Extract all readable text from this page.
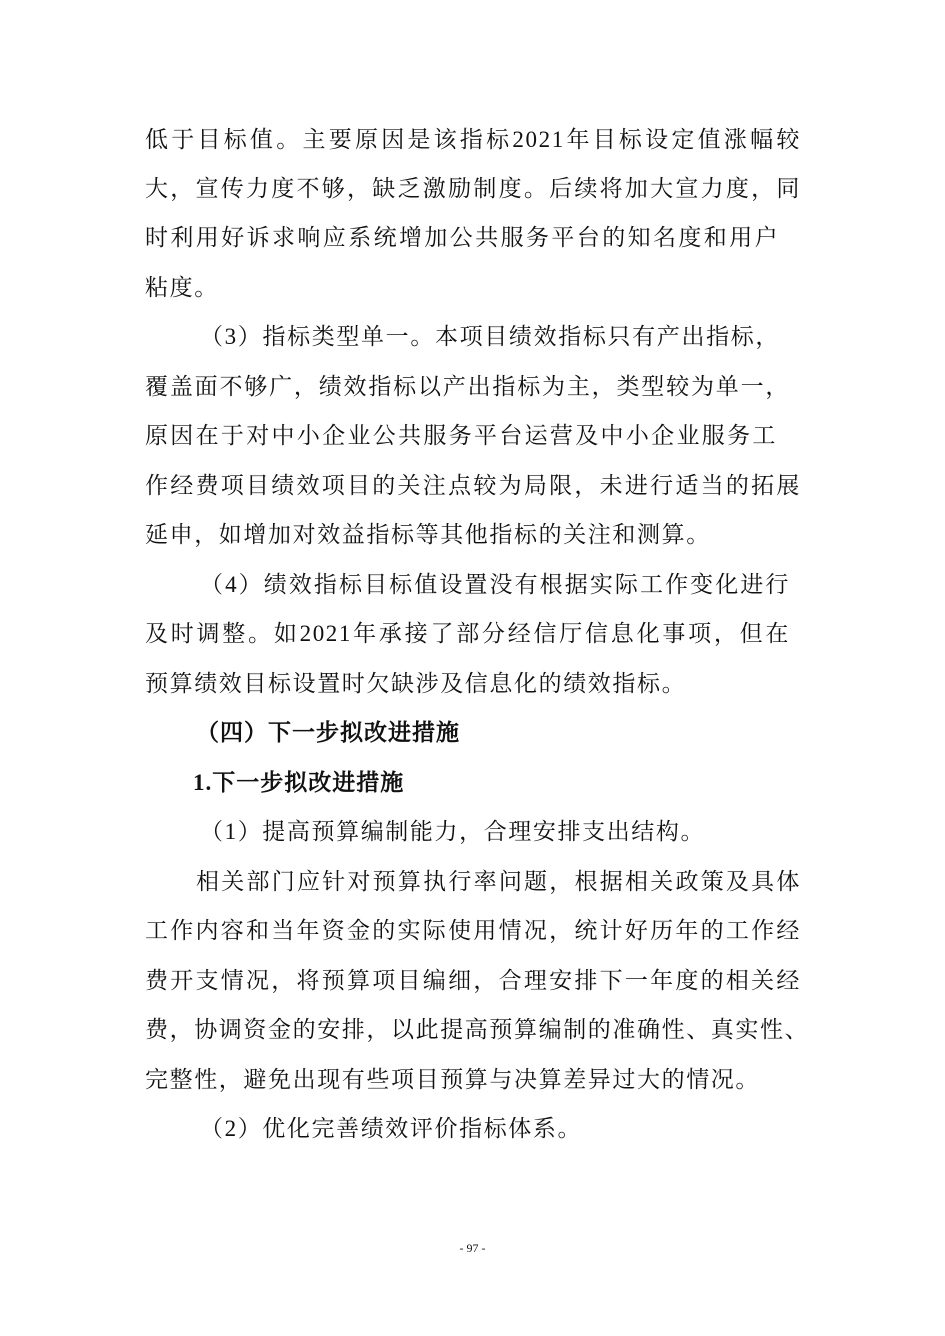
低于目标值。主要原因是该指标2021年目标设定值涨幅较
大，宣传力度不够，缺乏激励制度。后续将加大宣力度，同
时利用好诉求响应系统增加公共服务平台的知名度和用户
粘度。
（3）指标类型单一。本项目绩效指标只有产出指标，
覆盖面不够广，绩效指标以产出指标为主，类型较为单一，
原因在于对中小企业公共服务平台运营及中小企业服务工
作经费项目绩效项目的关注点较为局限，未进行适当的拓展
延申，如增加对效益指标等其他指标的关注和测算。
（4）绩效指标目标值设置没有根据实际工作变化进行
及时调整。如2021年承接了部分经信厅信息化事项，但在
预算绩效目标设置时欠缺涉及信息化的绩效指标。
（四）下一步拟改进措施
1.下一步拟改进措施
（1）提高预算编制能力，合理安排支出结构。
相关部门应针对预算执行率问题，根据相关政策及具体
工作内容和当年资金的实际使用情况，统计好历年的工作经
费开支情况，将预算项目编细，合理安排下一年度的相关经
费，协调资金的安排，以此提高预算编制的准确性、真实性、
完整性，避免出现有些项目预算与决算差异过大的情况。
（2）优化完善绩效评价指标体系。
- 97 -
